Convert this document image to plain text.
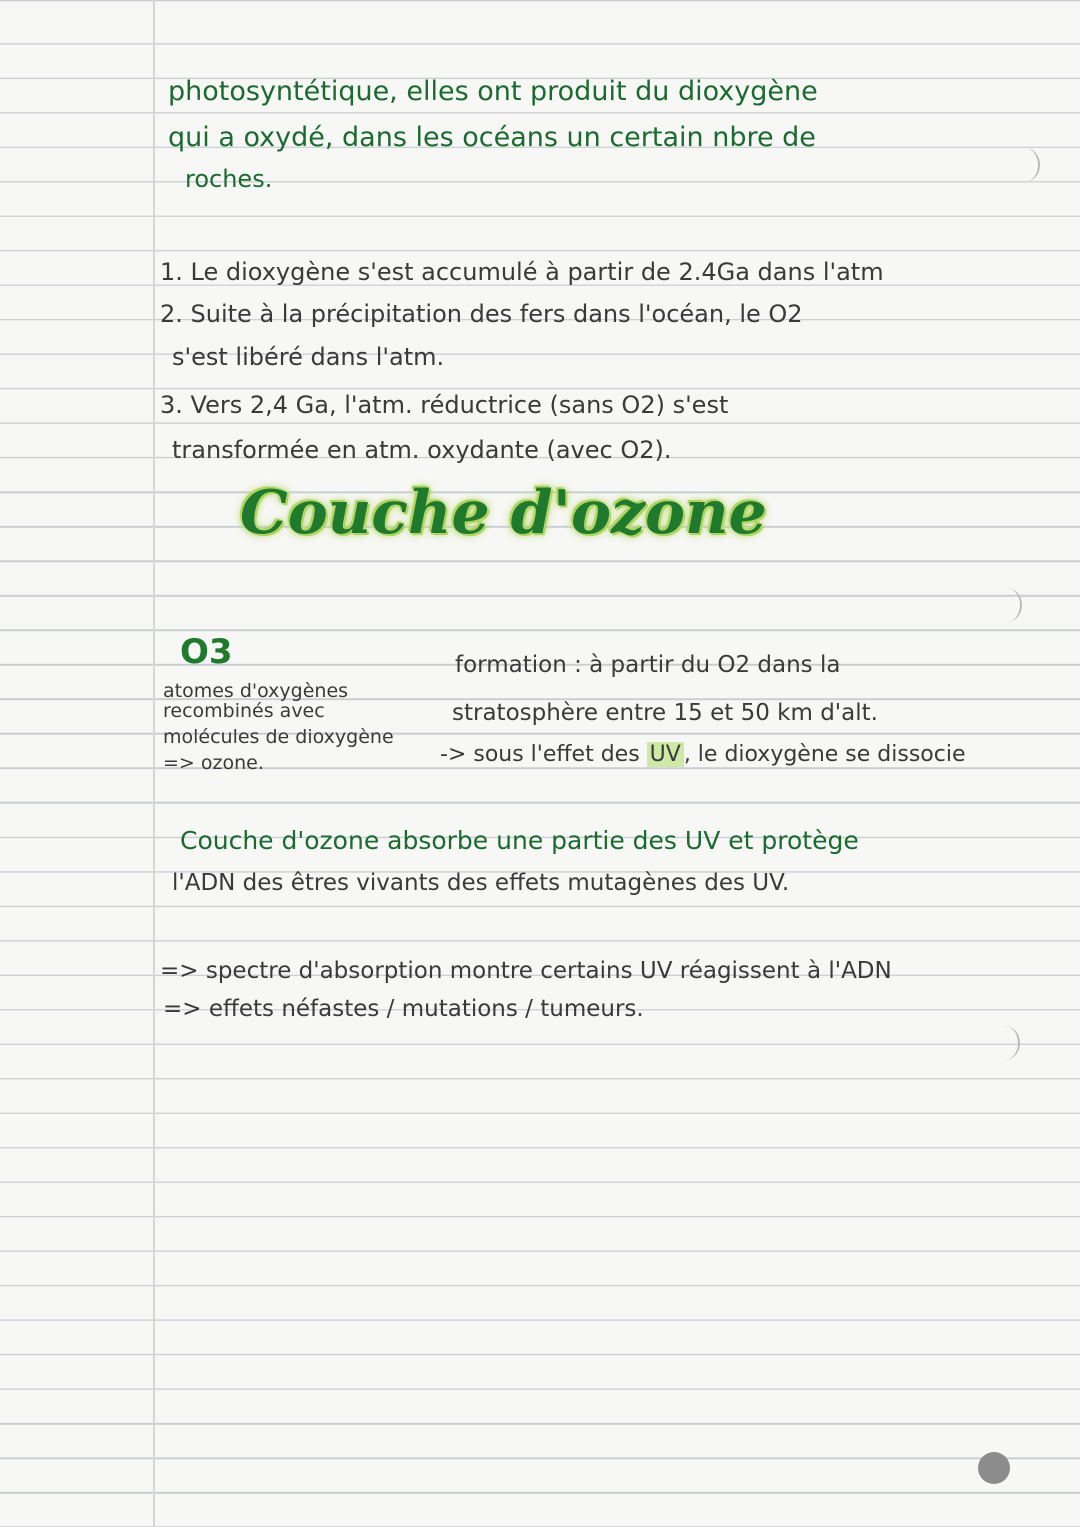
photosyntétique, elles ont produit du dioxygène
qui a oxydé, dans les océans un certain nbre de
roches.
1. Le dioxygène s'est accumulé à partir de 2.4Ga dans l'atm
2. Suite à la précipitation des fers dans l'océan, le O2
s'est libéré dans l'atm.
3. Vers 2,4 Ga, l'atm. réductrice (sans O2) s'est
transformée en atm. oxydante (avec O2).
Couche d'ozone
O3
atomes d'oxygènes
recombinés avec
molécules de dioxygène
=> ozone.
formation : à partir du O2 dans la
stratosphère entre 15 et 50 km d'alt.
-> sous l'effet des UV , le dioxygène se dissocie
Couche d'ozone absorbe une partie des UV et protège
l'ADN des êtres vivants des effets mutagènes des UV.
=> spectre d'absorption montre certains UV réagissent à l'ADN
=> effets néfastes / mutations / tumeurs.
